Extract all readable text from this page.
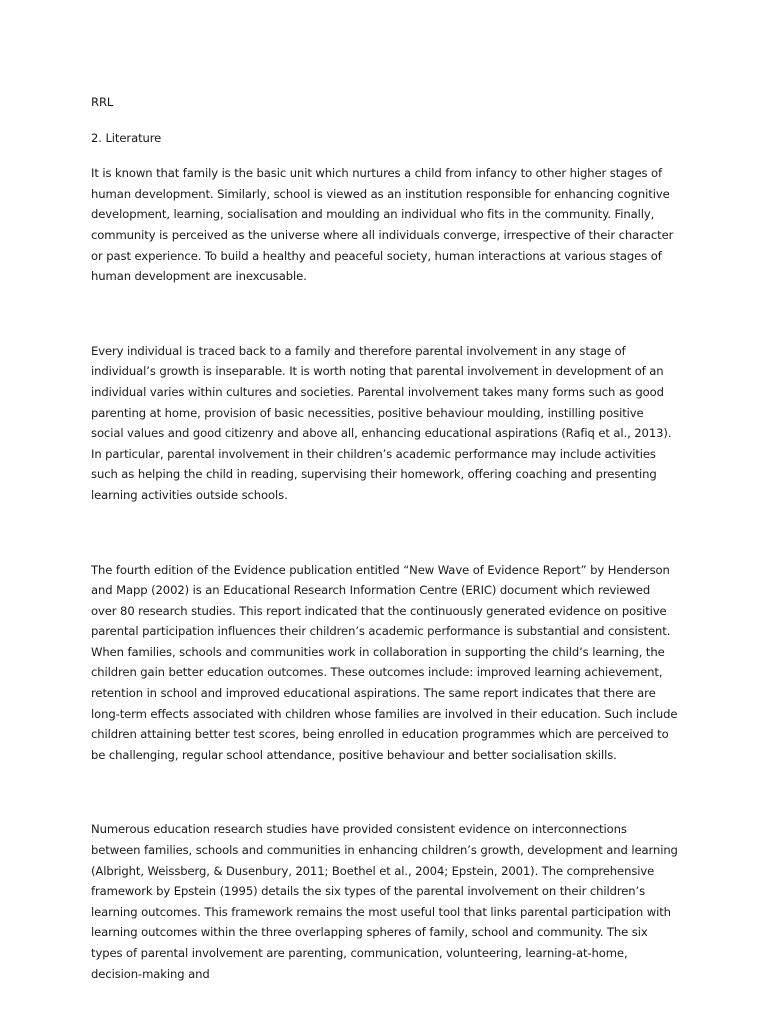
RRL

2. Literature

It is known that family is the basic unit which nurtures a child from infancy to other higher stages of human development. Similarly, school is viewed as an institution responsible for enhancing cognitive development, learning, socialisation and moulding an individual who fits in the community. Finally, community is perceived as the universe where all individuals converge, irrespective of their character or past experience. To build a healthy and peaceful society, human interactions at various stages of human development are inexcusable.

Every individual is traced back to a family and therefore parental involvement in any stage of individual’s growth is inseparable. It is worth noting that parental involvement in development of an individual varies within cultures and societies. Parental involvement takes many forms such as good parenting at home, provision of basic necessities, positive behaviour moulding, instilling positive social values and good citizenry and above all, enhancing educational aspirations (Rafiq et al., 2013). In particular, parental involvement in their children’s academic performance may include activities such as helping the child in reading, supervising their homework, offering coaching and presenting learning activities outside schools.

The fourth edition of the Evidence publication entitled “New Wave of Evidence Report” by Henderson and Mapp (2002) is an Educational Research Information Centre (ERIC) document which reviewed over 80 research studies. This report indicated that the continuously generated evidence on positive parental participation influences their children’s academic performance is substantial and consistent. When families, schools and communities work in collaboration in supporting the child’s learning, the children gain better education outcomes. These outcomes include: improved learning achievement, retention in school and improved educational aspirations. The same report indicates that there are long-term effects associated with children whose families are involved in their education. Such include children attaining better test scores, being enrolled in education programmes which are perceived to be challenging, regular school attendance, positive behaviour and better socialisation skills.

Numerous education research studies have provided consistent evidence on interconnections between families, schools and communities in enhancing children’s growth, development and learning (Albright, Weissberg, & Dusenbury, 2011; Boethel et al., 2004; Epstein, 2001). The comprehensive framework by Epstein (1995) details the six types of the parental involvement on their children’s learning outcomes. This framework remains the most useful tool that links parental participation with learning outcomes within the three overlapping spheres of family, school and community. The six types of parental involvement are parenting, communication, volunteering, learning-at-home, decision-making and
